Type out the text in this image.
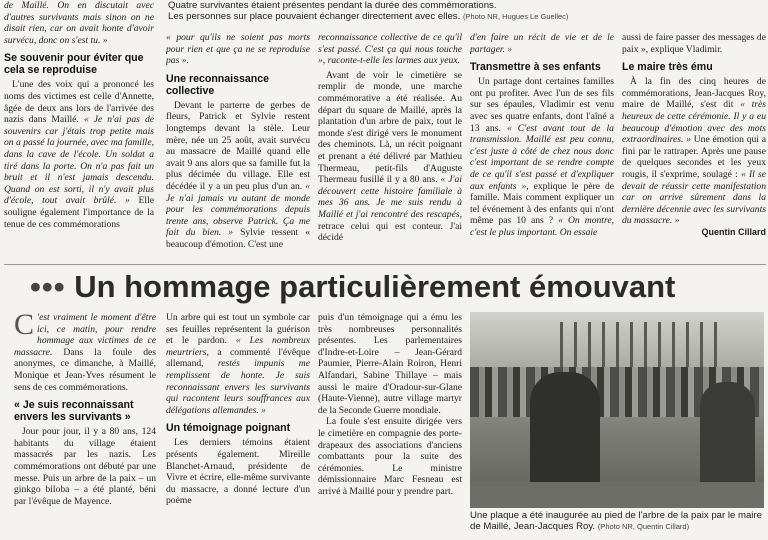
Quatre survivantes étaient présentes pendant la durée des commémorations.

Les personnes sur place pouvaient échanger directement avec elles. (Photo NR, Hugues Le Guellec)

de Maillé. On en discutait avec d'autres survivants mais sinon on ne disait rien, car on avait honte d'avoir survécu, donc on s'est tu. »

Se souvenir pour éviter que cela se reproduise

L'une des voix qui a prononcé les noms des victimes est celle d'Annette, âgée de deux ans lors de l'arrivée des nazis dans Maillé. « Je n'ai pas de souvenirs car j'étais trop petite mais on a passé la journée, avec ma famille, dans la cave de l'école. Un soldat a tiré dans la porte. On n'a pas fait un bruit et il n'est jamais descendu. Quand on est sorti, il n'y avait plus d'école, tout avait brûlé. » Elle souligne également l'importance de la tenue de ces commémorations

« pour qu'ils ne soient pas morts pour rien et que ça ne se reproduise pas ».

Une reconnaissance collective

Devant le parterre de gerbes de fleurs, Patrick et Sylvie restent longtemps devant la stèle. Leur mère, née un 25 août, avait survécu au massacre de Maillé quand elle avait 9 ans alors que sa famille fut la plus décimée du village. Elle est décédée il y a un peu plus d'un an. « Je n'ai jamais vu autant de monde pour les commémorations depuis trente ans, observe Patrick. Ça me fait du bien. » Sylvie ressent « beaucoup d'émotion. C'est une

reconnaissance collective de ce qu'il s'est passé. C'est ça qui nous touche », raconte-t-elle les larmes aux yeux.

Avant de voir le cimetière se remplir de monde, une marche commémorative a été réalisée. Au départ du square de Maillé, après la plantation d'un arbre de paix, tout le monde s'est dirigé vers le monument des cheminots. Là, un récit poignant et prenant a été délivré par Mathieu Thermeau, petit-fils d'Auguste Thermeau fusillé il y a 80 ans. « J'ai découvert cette histoire familiale à mes 36 ans. Je me suis rendu à Maillé et j'ai rencontré des rescapés, retrace celui qui est conteur. J'ai décidé

d'en faire un récit de vie et de le partager. »

Transmettre à ses enfants

Un partage dont certaines familles ont pu profiter. Avec l'un de ses fils sur ses épaules, Vladimir est venu avec ses quatre enfants, dont l'aîné a 13 ans. « C'est avant tout de la transmission. Maillé est peu connu, c'est juste à côté de chez nous donc c'est important de se rendre compte de ce qu'il s'est passé et d'expliquer aux enfants », explique le père de famille. Mais comment expliquer un tel événement à des enfants qui n'ont même pas 10 ans ? « On montre, c'est le plus important. On essaie

aussi de faire passer des messages de paix », explique Vladimir.

Le maire très ému

À la fin des cinq heures de commémorations, Jean-Jacques Roy, maire de Maillé, s'est dit « très heureux de cette cérémonie. Il y a eu beaucoup d'émotion avec des mots extraordinaires. » Une émotion qui a fini par le rattraper. Après une pause de quelques secondes et les yeux rougis, il s'exprime, soulagé : « Il se devait de réussir cette manifestation car on arrive sûrement dans la dernière décennie avec les survivants du massacre. »

Quentin Cillard

••• Un hommage particulièrement émouvant

C 'est vraiment le moment d'être ici, ce matin, pour rendre hommage aux victimes de ce massacre. Dans la foule des anonymes, ce dimanche, à Maillé, Monique et Jean-Yves résument le sens de ces commémorations.

« Je suis reconnaissant envers les survivants »

Jour pour jour, il y a 80 ans, 124 habitants du village étaient massacrés par les nazis. Les commémorations ont débuté par une messe. Puis un arbre de la paix – un ginkgo biloba – a été planté, béni par l'évêque de Mayence.

Un arbre qui est tout un symbole car ses feuilles représentent la guérison et le pardon. « Les nombreux meurtriers, a commenté l'évêque allemand, restés impunis me remplissent de honte. Je suis reconnaissant envers les survivants qui racontent leurs souffrances aux délégations allemandes. »

Un témoignage poignant

Les derniers témoins étaient présents également. Mireille Blanchet-Arnaud, présidente de Vivre et écrire, elle-même survivante du massacre, a donné lecture d'un poème

puis d'un témoignage qui a ému les très nombreuses personnalités présentes. Les parlementaires d'Indre-et-Loire – Jean-Gérard Paumier, Pierre-Alain Roiron, Henri Alfandari, Sabine Thillaye – mais aussi le maire d'Oradour-sur-Glane (Haute-Vienne), autre village martyr de la Seconde Guerre mondiale.

La foule s'est ensuite dirigée vers le cimetière en compagnie des porte-drapeaux des associations d'anciens combattants pour la suite des cérémonies. Le ministre démissionnaire Marc Fesneau est arrivé à Maillé pour y prendre part.

Une plaque a été inaugurée au pied de l'arbre de la paix par le maire de Maillé, Jean-Jacques Roy. (Photo NR, Quentin Cillard)
